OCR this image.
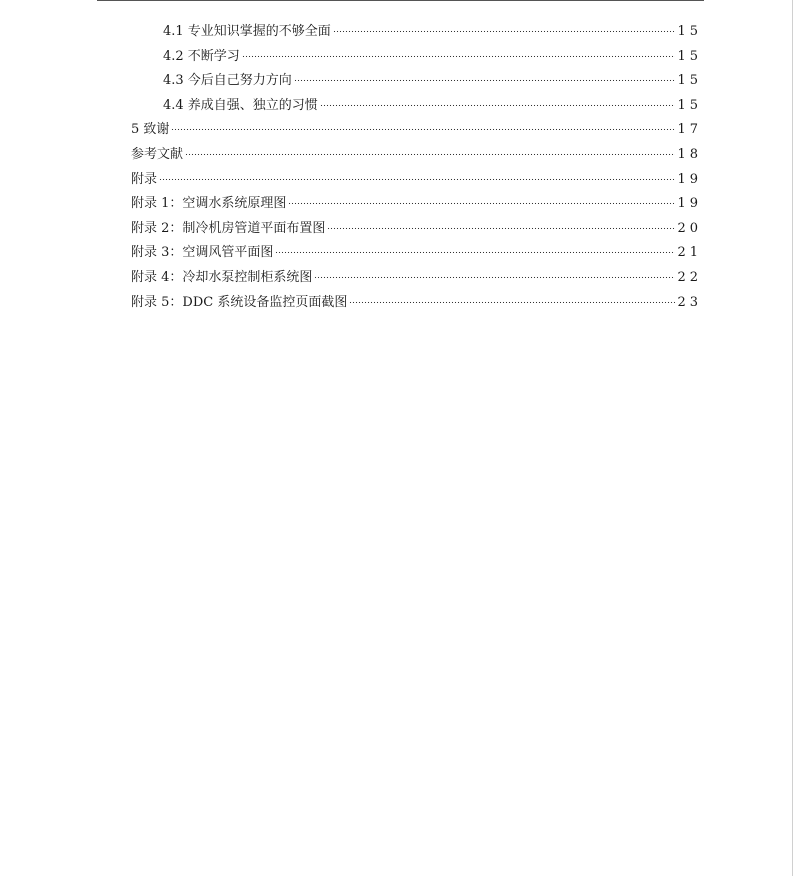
4.1 专业知识掌握的不够全面	15
4.2 不断学习	15
4.3 今后自己努力方向	15
4.4 养成自强、独立的习惯	15
5 致谢	17
参考文献	18
附录	19
附录 1：空调水系统原理图	19
附录 2：制冷机房管道平面布置图	20
附录 3：空调风管平面图	21
附录 4：冷却水泵控制柜系统图	22
附录 5：DDC 系统设备监控页面截图	23
